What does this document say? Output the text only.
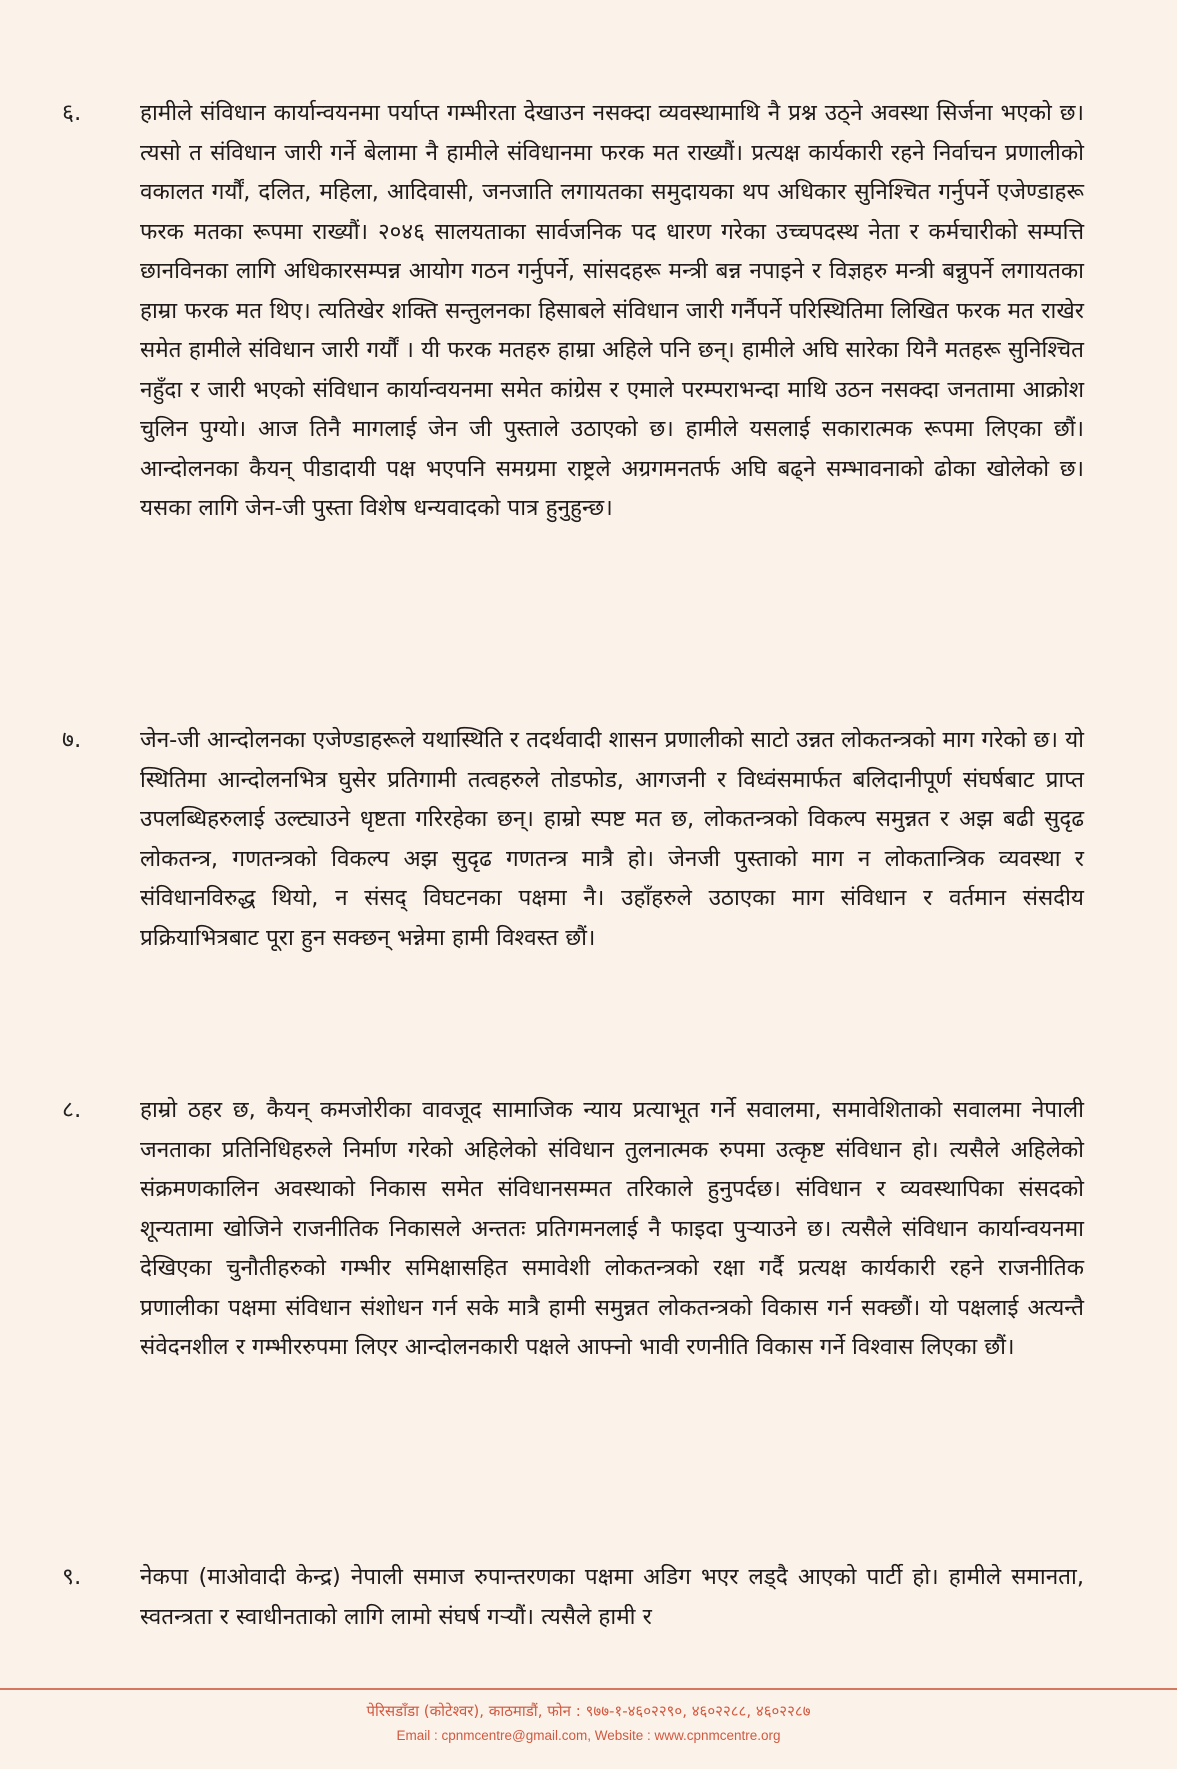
६.	हामीले संविधान कार्यान्वयनमा पर्याप्त गम्भीरता देखाउन नसक्दा व्यवस्थामाथि नै प्रश्न उठ्ने अवस्था सिर्जना भएको छ। त्यसो त संविधान जारी गर्ने बेलामा नै हामीले संविधानमा फरक मत राख्यौं। प्रत्यक्ष कार्यकारी रहने निर्वाचन प्रणालीको वकालत गर्यौं, दलित, महिला, आदिवासी, जनजाति लगायतका समुदायका थप अधिकार सुनिश्चित गर्नुपर्ने एजेण्डाहरू फरक मतका रूपमा राख्यौं। २०४६ सालयताका सार्वजनिक पद धारण गरेका उच्चपदस्थ नेता र कर्मचारीको सम्पत्ति छानविनका लागि अधिकारसम्पन्न आयोग गठन गर्नुपर्ने, सांसदहरू मन्त्री बन्न नपाइने र विज्ञहरु मन्त्री बन्नुपर्ने लगायतका हाम्रा फरक मत थिए। त्यतिखेर शक्ति सन्तुलनका हिसाबले संविधान जारी गर्नैपर्ने परिस्थितिमा लिखित फरक मत राखेर समेत हामीले संविधान जारी गर्यौं । यी फरक मतहरु हाम्रा अहिले पनि छन्। हामीले अघि सारेका यिनै मतहरू सुनिश्चित नहुँदा र जारी भएको संविधान कार्यान्वयनमा समेत कांग्रेस र एमाले परम्पराभन्दा माथि उठन नसक्दा जनतामा आक्रोश चुलिन पुग्यो। आज तिनै मागलाई जेन जी पुस्ताले उठाएको छ। हामीले यसलाई सकारात्मक रूपमा लिएका छौं। आन्दोलनका कैयन् पीडादायी पक्ष भएपनि समग्रमा राष्ट्रले अग्रगमनतर्फ अघि बढ्ने सम्भावनाको ढोका खोलेको छ। यसका लागि जेन-जी पुस्ता विशेष धन्यवादको पात्र हुनुहुन्छ।
७.	जेन-जी आन्दोलनका एजेण्डाहरूले यथास्थिति र तदर्थवादी शासन प्रणालीको साटो उन्नत लोकतन्त्रको माग गरेको छ। यो स्थितिमा आन्दोलनभित्र घुसेर प्रतिगामी तत्वहरुले तोडफोड, आगजनी र विध्वंसमार्फत बलिदानीपूर्ण संघर्षबाट प्राप्त उपलब्धिहरुलाई उल्ट्याउने धृष्टता गरिरहेका छन्। हाम्रो स्पष्ट मत छ, लोकतन्त्रको विकल्प समुन्नत र अझ बढी सुदृढ लोकतन्त्र, गणतन्त्रको विकल्प अझ सुदृढ गणतन्त्र मात्रै हो। जेनजी पुस्ताको माग न लोकतान्त्रिक व्यवस्था र संविधानविरुद्ध थियो, न संसद् विघटनका पक्षमा नै। उहाँहरुले उठाएका माग संविधान र वर्तमान संसदीय प्रक्रियाभित्रबाट पूरा हुन सक्छन् भन्नेमा हामी विश्वस्त छौं।
८.	हाम्रो ठहर छ, कैयन् कमजोरीका वावजूद सामाजिक न्याय प्रत्याभूत गर्ने सवालमा, समावेशिताको सवालमा नेपाली जनताका प्रतिनिधिहरुले निर्माण गरेको अहिलेको संविधान तुलनात्मक रुपमा उत्कृष्ट संविधान हो। त्यसैले अहिलेको संक्रमणकालिन अवस्थाको निकास समेत संविधानसम्मत तरिकाले हुनुपर्दछ। संविधान र व्यवस्थापिका संसदको शून्यतामा खोजिने राजनीतिक निकासले अन्ततः प्रतिगमनलाई नै फाइदा पुर्‍याउने छ। त्यसैले संविधान कार्यान्वयनमा देखिएका चुनौतीहरुको गम्भीर समिक्षासहित समावेशी लोकतन्त्रको रक्षा गर्दै प्रत्यक्ष कार्यकारी रहने राजनीतिक प्रणालीका पक्षमा संविधान संशोधन गर्न सके मात्रै हामी समुन्नत लोकतन्त्रको विकास गर्न सक्छौं। यो पक्षलाई अत्यन्तै संवेदनशील र गम्भीररुपमा लिएर आन्दोलनकारी पक्षले आफ्नो भावी रणनीति विकास गर्ने विश्वास लिएका छौं।
९.	नेकपा (माओवादी केन्द्र) नेपाली समाज रुपान्तरणका पक्षमा अडिग भएर लड्दै आएको पार्टी हो। हामीले समानता, स्वतन्त्रता र स्वाधीनताको लागि लामो संघर्ष गर्‍यौं। त्यसैले हामी र
पेरिसडाँडा (कोटेश्वर), काठमाडौं, फोन : ९७७-१-४६०२२९०, ४६०२२८८, ४६०२२८७
Email : cpnmcentre@gmail.com, Website : www.cpnmcentre.org
